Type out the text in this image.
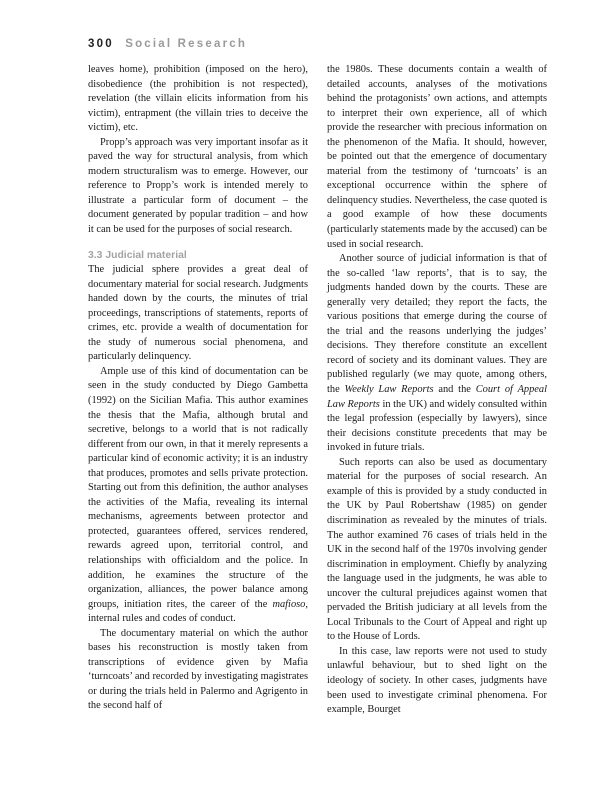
300 Social Research

leaves home), prohibition (imposed on the hero), disobedience (the prohibition is not respected), revelation (the villain elicits information from his victim), entrapment (the villain tries to deceive the victim), etc.

Propp’s approach was very important insofar as it paved the way for structural analysis, from which modern structuralism was to emerge. However, our reference to Propp’s work is intended merely to illustrate a particular form of document – the document generated by popular tradition – and how it can be used for the purposes of social research.

3.3 Judicial material

The judicial sphere provides a great deal of documentary material for social research. Judgments handed down by the courts, the minutes of trial proceedings, transcriptions of statements, reports of crimes, etc. provide a wealth of documentation for the study of numerous social phenomena, and particularly delinquency.

Ample use of this kind of documentation can be seen in the study conducted by Diego Gambetta (1992) on the Sicilian Mafia. This author examines the thesis that the Mafia, although brutal and secretive, belongs to a world that is not radically different from our own, in that it merely represents a particular kind of economic activity; it is an industry that produces, promotes and sells private protection. Starting out from this definition, the author analyses the activities of the Mafia, revealing its internal mechanisms, agreements between protector and protected, guarantees offered, services rendered, rewards agreed upon, territorial control, and relationships with officialdom and the police. In addition, he examines the structure of the organization, alliances, the power balance among groups, initiation rites, the career of the mafioso, internal rules and codes of conduct.

The documentary material on which the author bases his reconstruction is mostly taken from transcriptions of evidence given by Mafia ‘turncoats’ and recorded by investigating magistrates or during the trials held in Palermo and Agrigento in the second half of

the 1980s. These documents contain a wealth of detailed accounts, analyses of the motivations behind the protagonists’ own actions, and attempts to interpret their own experience, all of which provide the researcher with precious information on the phenomenon of the Mafia. It should, however, be pointed out that the emergence of documentary material from the testimony of ‘turncoats’ is an exceptional occurrence within the sphere of delinquency studies. Nevertheless, the case quoted is a good example of how these documents (particularly statements made by the accused) can be used in social research.

Another source of judicial information is that of the so-called ‘law reports’, that is to say, the judgments handed down by the courts. These are generally very detailed; they report the facts, the various positions that emerge during the course of the trial and the reasons underlying the judges’ decisions. They therefore constitute an excellent record of society and its dominant values. They are published regularly (we may quote, among others, the Weekly Law Reports and the Court of Appeal Law Reports in the UK) and widely consulted within the legal profession (especially by lawyers), since their decisions constitute precedents that may be invoked in future trials.

Such reports can also be used as documentary material for the purposes of social research. An example of this is provided by a study conducted in the UK by Paul Robertshaw (1985) on gender discrimination as revealed by the minutes of trials. The author examined 76 cases of trials held in the UK in the second half of the 1970s involving gender discrimination in employment. Chiefly by analyzing the language used in the judgments, he was able to uncover the cultural prejudices against women that pervaded the British judiciary at all levels from the Local Tribunals to the Court of Appeal and right up to the House of Lords.

In this case, law reports were not used to study unlawful behaviour, but to shed light on the ideology of society. In other cases, judgments have been used to investigate criminal phenomena. For example, Bourget
